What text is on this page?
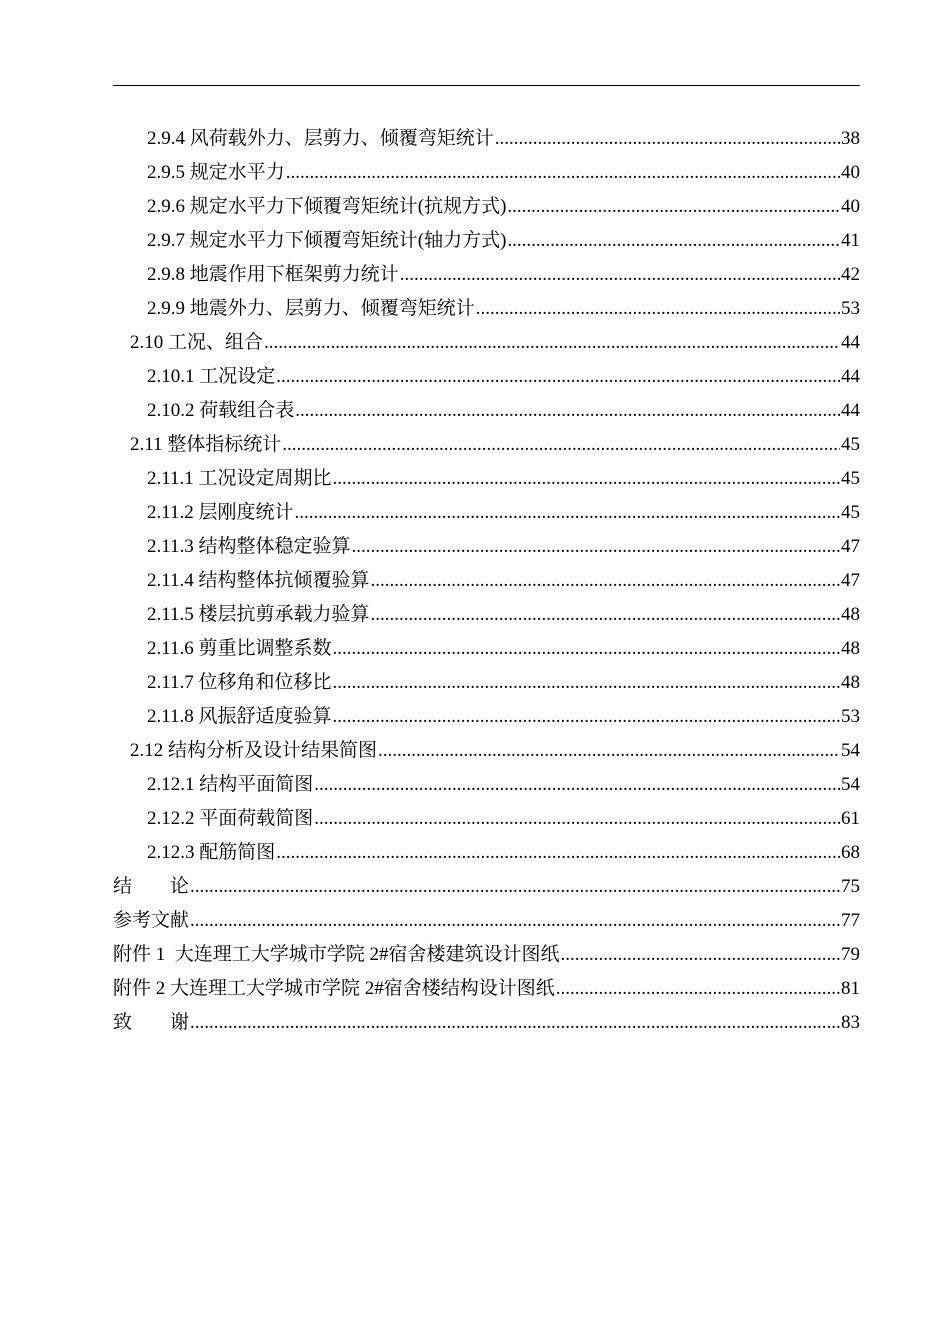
2.9.4 风荷载外力、层剪力、倾覆弯矩统计 .....	38
2.9.5 规定水平力 .....	40
2.9.6 规定水平力下倾覆弯矩统计(抗规方式) .....	40
2.9.7 规定水平力下倾覆弯矩统计(轴力方式) .....	41
2.9.8 地震作用下框架剪力统计 .....	42
2.9.9 地震外力、层剪力、倾覆弯矩统计 .....	53
2.10 工况、组合 .....	44
2.10.1 工况设定 .....	44
2.10.2 荷载组合表 .....	44
2.11 整体指标统计 .....	45
2.11.1 工况设定周期比 .....	45
2.11.2 层刚度统计 .....	45
2.11.3 结构整体稳定验算 .....	47
2.11.4 结构整体抗倾覆验算 .....	47
2.11.5 楼层抗剪承载力验算 .....	48
2.11.6 剪重比调整系数 .....	48
2.11.7 位移角和位移比 .....	48
2.11.8 风振舒适度验算 .....	53
2.12 结构分析及设计结果简图 .....	54
2.12.1 结构平面简图 .....	54
2.12.2 平面荷载简图 .....	61
2.12.3 配筋简图 .....	68
结　　论 .....	75
参考文献 .....	77
附件 1  大连理工大学城市学院 2#宿舍楼建筑设计图纸 .....	79
附件 2 大连理工大学城市学院 2#宿舍楼结构设计图纸 .....	81
致　　谢 .....	83
